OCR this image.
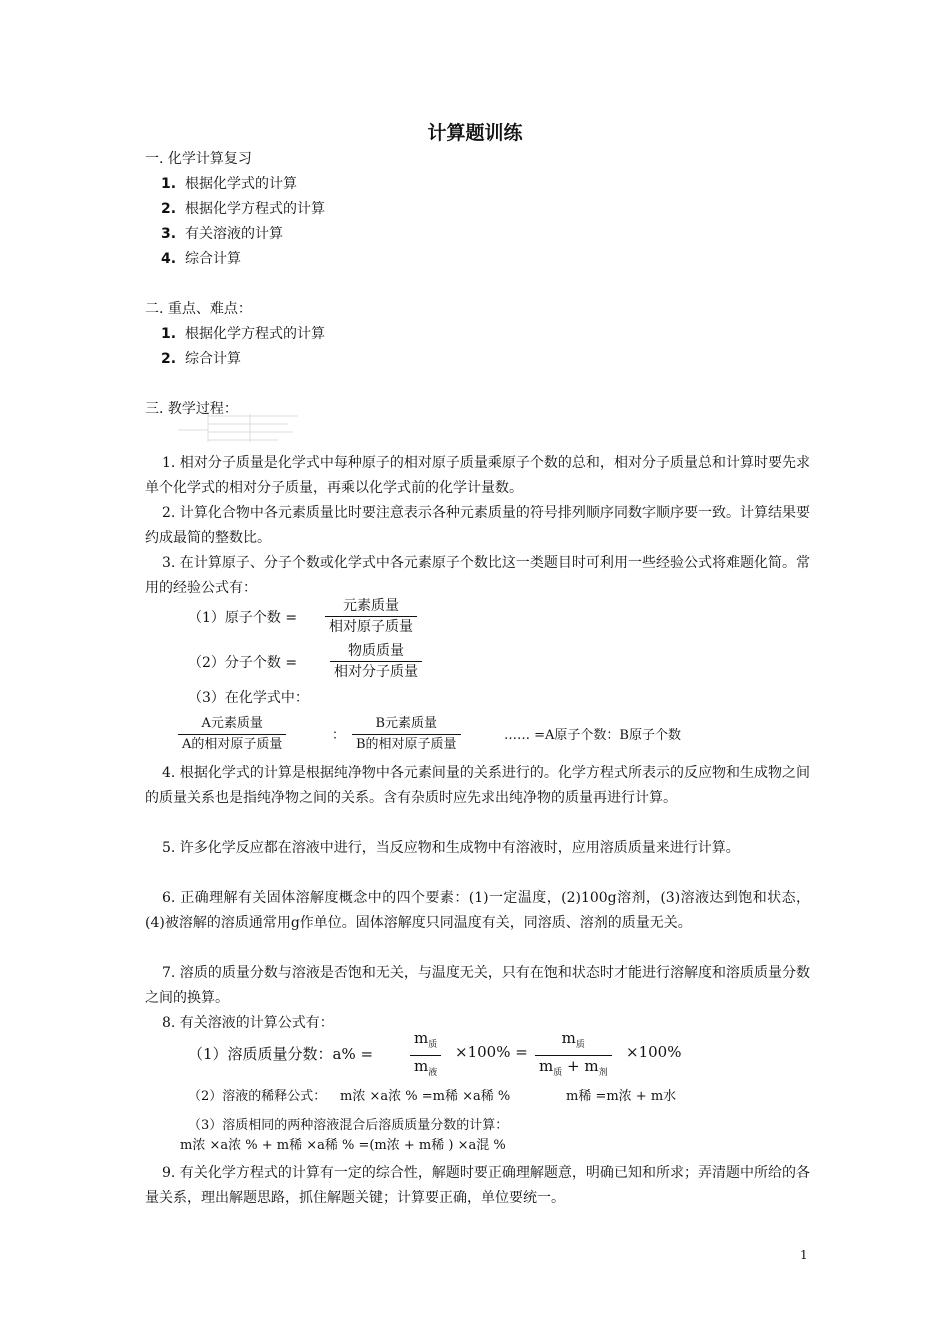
计算题训练
一. 化学计算复习
1. 根据化学式的计算
2. 根据化学方程式的计算
3. 有关溶液的计算
4. 综合计算
二. 重点、难点：
1. 根据化学方程式的计算
2. 综合计算
三. 教学过程：
1. 相对分子质量是化学式中每种原子的相对原子质量乘原子个数的总和，相对分子质量总和计算时要先求单个化学式的相对分子质量，再乘以化学式前的化学计量数。
2. 计算化合物中各元素质量比时要注意表示各种元素质量的符号排列顺序同数字顺序要一致。计算结果要约成最简的整数比。
3. 在计算原子、分子个数或化学式中各元素原子个数比这一类题目时可利用一些经验公式将难题化简。常用的经验公式有：
（1）原子个数 =
元素质量
相对原子质量
（2）分子个数 =
物质质量
相对分子质量
（3）在化学式中：
A元素质量
A的相对原子质量
：
B元素质量
B的相对原子质量
…… =A原子个数：B原子个数
4. 根据化学式的计算是根据纯净物中各元素间量的关系进行的。化学方程式所表示的反应物和生成物之间的质量关系也是指纯净物之间的关系。含有杂质时应先求出纯净物的质量再进行计算。
5. 许多化学反应都在溶液中进行，当反应物和生成物中有溶液时，应用溶质质量来进行计算。
6. 正确理解有关固体溶解度概念中的四个要素：(1)一定温度，(2)100g溶剂，(3)溶液达到饱和状态，(4)被溶解的溶质通常用g作单位。固体溶解度只同温度有关，同溶质、溶剂的质量无关。
7. 溶质的质量分数与溶液是否饱和无关，与温度无关，只有在饱和状态时才能进行溶解度和溶质质量分数之间的换算。
8. 有关溶液的计算公式有：
（1）溶质质量分数：a% =
$m_质$
$m_液$
×100% =
$m_质$
$m_质 + m_剂$
×100%
（2）溶液的稀释公式： m浓 ×a浓 % =m稀 ×a稀 %	m稀 =m浓 + m水
（3）溶质相同的两种溶液混合后溶质质量分数的计算：
m浓 ×a浓 % + m稀 ×a稀 % =(m浓 + m稀 ) ×a混 %
9. 有关化学方程式的计算有一定的综合性，解题时要正确理解题意，明确已知和所求；弄清题中所给的各量关系，理出解题思路，抓住解题关键；计算要正确，单位要统一。
1
